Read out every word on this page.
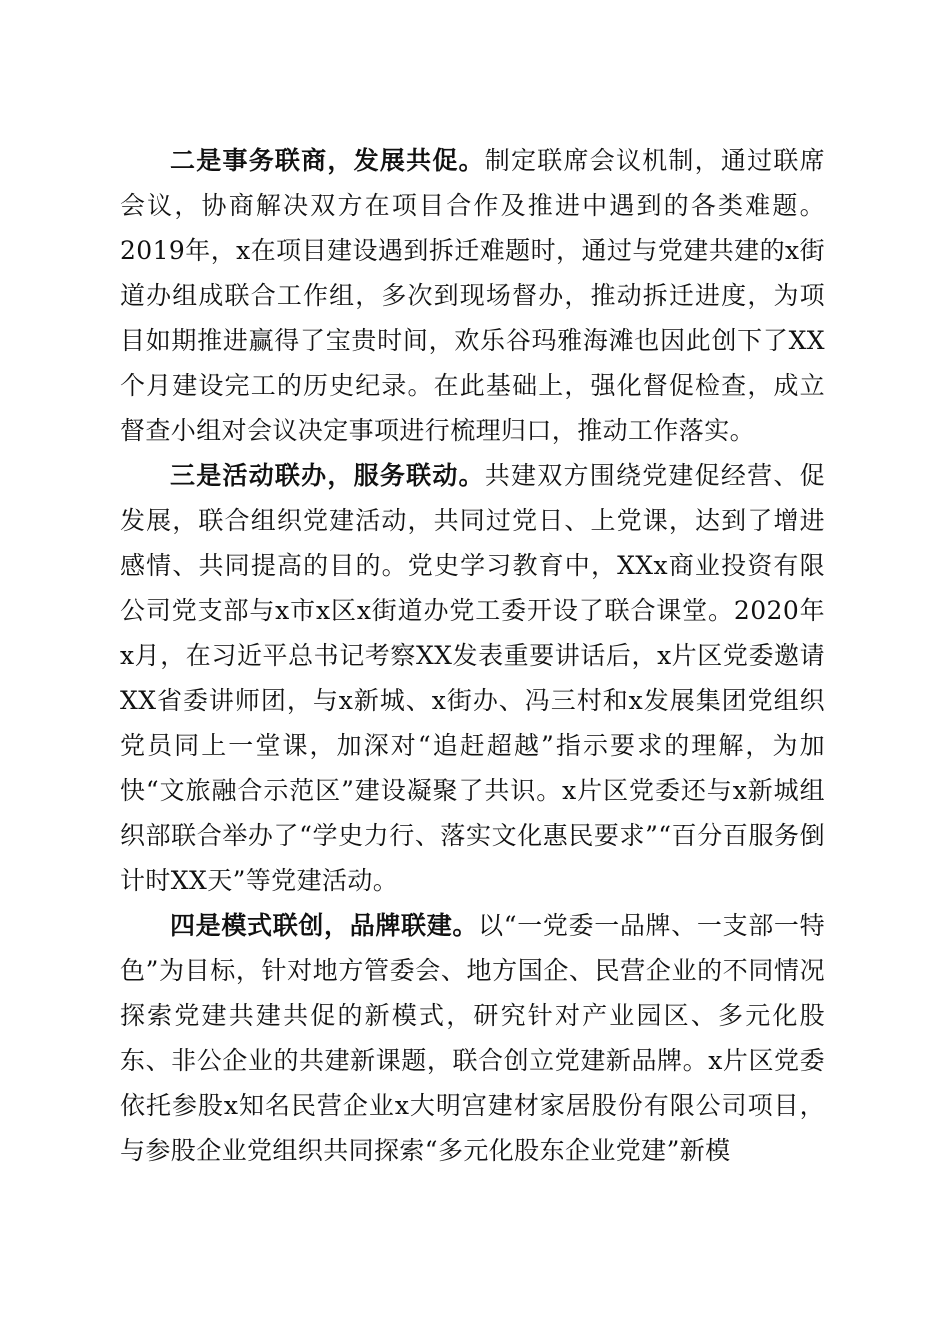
二是事务联商，发展共促。制定联席会议机制，通过联席会议，协商解决双方在项目合作及推进中遇到的各类难题。2019年，x在项目建设遇到拆迁难题时，通过与党建共建的x街道办组成联合工作组，多次到现场督办，推动拆迁进度，为项目如期推进赢得了宝贵时间，欢乐谷玛雅海滩也因此创下了XX个月建设完工的历史纪录。在此基础上，强化督促检查，成立督查小组对会议决定事项进行梳理归口，推动工作落实。

三是活动联办，服务联动。共建双方围绕党建促经营、促发展，联合组织党建活动，共同过党日、上党课，达到了增进感情、共同提高的目的。党史学习教育中，XXx商业投资有限公司党支部与x市x区x街道办党工委开设了联合课堂。2020年x月，在习近平总书记考察XX发表重要讲话后，x片区党委邀请XX省委讲师团，与x新城、x街办、冯三村和x发展集团党组织党员同上一堂课，加深对“追赶超越”指示要求的理解，为加快“文旅融合示范区”建设凝聚了共识。x片区党委还与x新城组织部联合举办了“学史力行、落实文化惠民要求”“百分百服务倒计时XX天”等党建活动。

四是模式联创，品牌联建。以“一党委一品牌、一支部一特色”为目标，针对地方管委会、地方国企、民营企业的不同情况探索党建共建共促的新模式，研究针对产业园区、多元化股东、非公企业的共建新课题，联合创立党建新品牌。x片区党委依托参股x知名民营企业x大明宫建材家居股份有限公司项目，与参股企业党组织共同探索“多元化股东企业党建”新模
